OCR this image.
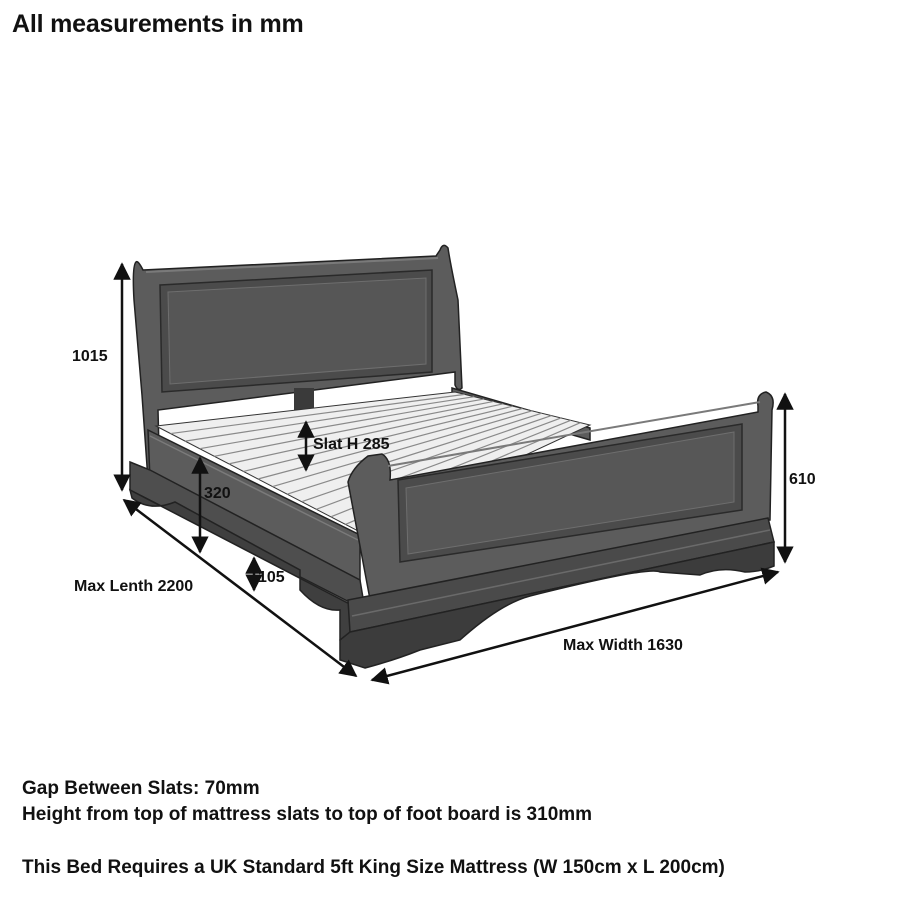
All measurements in mm
1015
Slat H 285
320
105
610
Max Lenth 2200
Max Width 1630
Gap Between Slats: 70mm
Height from top of mattress slats to top of foot board is 310mm
This Bed Requires a UK Standard 5ft King Size Mattress (W 150cm x L 200cm)
